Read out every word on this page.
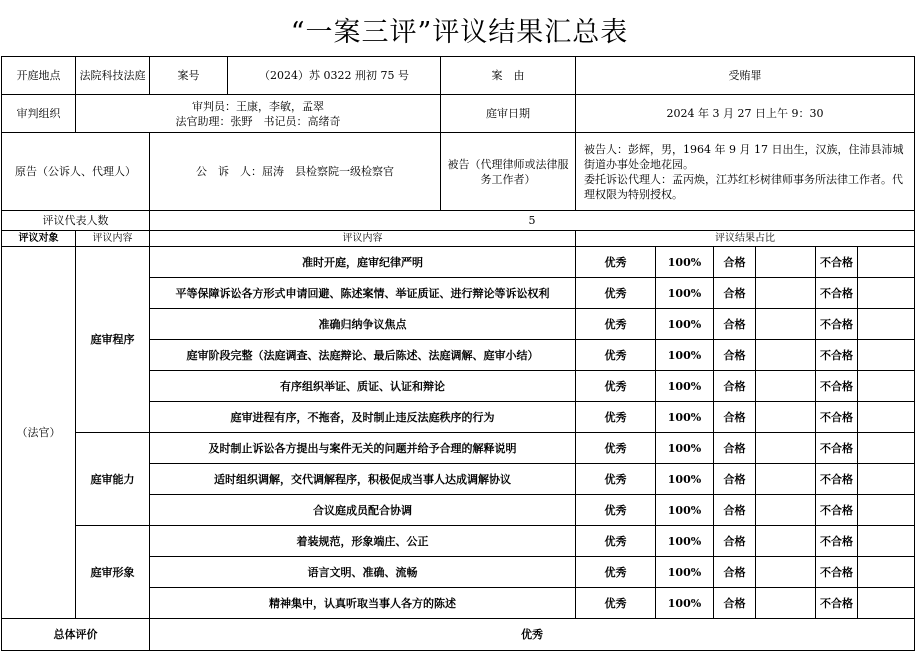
“一案三评”评议结果汇总表
开庭地点	法院科技法庭	案号	（2024）苏 0322 刑初 75 号	案　由	受贿罪					
审判组织	审判员：王康，李敏，孟翠
法官助理：张野　书记员：高绪奇			庭审日期	2024 年 3 月 27 日上午 9：30					
原告（公诉人、代理人）		公　诉　人：屈涛　县检察院一级检察官		被告（代理律师或法律服务工作者）	被告人：彭辉，男，1964 年 9 月 17 日出生，汉族，住沛县沛城街道办事处金地花园。
委托诉讼代理人：孟丙焕，江苏红杉树律师事务所法律工作者。代理权限为特别授权。					

评议代表人数		5								
评议对象	评议内容	评议内容			评议结果占比					
（法官）	庭审程序	准时开庭，庭审纪律严明			优秀	100%	合格		不合格	
		平等保障诉讼各方形式申请回避、陈述案情、举证质证、进行辩论等诉讼权利			优秀	100%	合格		不合格	
		准确归纳争议焦点			优秀	100%	合格		不合格	
		庭审阶段完整（法庭调查、法庭辩论、最后陈述、法庭调解、庭审小结）			优秀	100%	合格		不合格	
		有序组织举证、质证、认证和辩论			优秀	100%	合格		不合格	
		庭审进程有序，不拖沓，及时制止违反法庭秩序的行为			优秀	100%	合格		不合格	
	庭审能力	及时制止诉讼各方提出与案件无关的问题并给予合理的解释说明			优秀	100%	合格		不合格	
		适时组织调解，交代调解程序，积极促成当事人达成调解协议			优秀	100%	合格		不合格	
		合议庭成员配合协调			优秀	100%	合格		不合格	
	庭审形象	着装规范，形象端庄、公正			优秀	100%	合格		不合格	
		语言文明、准确、流畅			优秀	100%	合格		不合格	
		精神集中，认真听取当事人各方的陈述			优秀	100%	合格		不合格	
总体评价		优秀								
